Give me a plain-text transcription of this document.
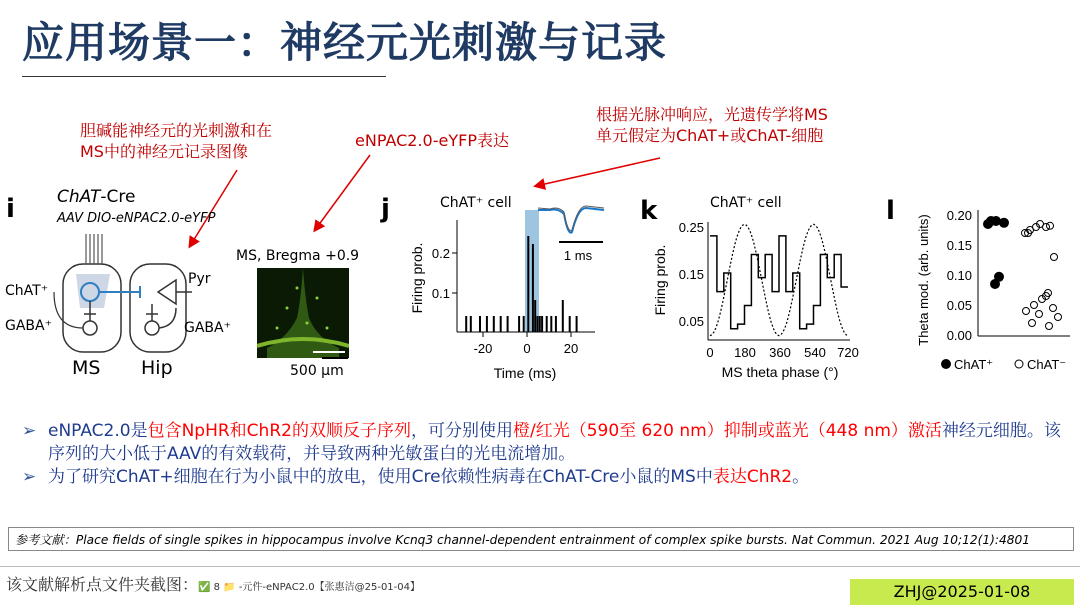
应用场景一：神经元光刺激与记录
胆碱能神经元的光刺激和在
MS中的神经元记录图像
eNPAC2.0-eYFP表达
根据光脉冲响应，光遗传学将MS
单元假定为ChAT+或ChAT-细胞
i ChAT-Cre
AAV DIO-eNPAC2.0-eYFP
ChAT⁺
GABA⁺
Pyr
GABA⁺
MS Hip
MS, Bregma +0.9
500 µm
j	ChAT⁺ cell
0.1
0.2
-20 0	20
Time (ms)
Firing prob.	1 ms
k	ChAT⁺ cell
0.05
0.15
0.25
0 180 360 540 720
MS theta phase (°)
Firing prob.
l
0.00
0.05
0.10
0.15
0.20
Theta mod. (arb. units)
ChAT⁺	ChAT⁻
➢ eNPAC2.0是包含NpHR和ChR2的双顺反子序列，可分别使用橙/红光（590至 620 nm）抑制或蓝光（448 nm）激活神经元细胞。该序列的大小低于AAV的有效载荷，并导致两种光敏蛋白的光电流增加。
➢ 为了研究ChAT+细胞在行为小鼠中的放电，使用Cre依赖性病毒在ChAT-Cre小鼠的MS中表达ChR2。
参考文献：Place fields of single spikes in hippocampus involve Kcnq3 channel-dependent entrainment of complex spike bursts. Nat Commun. 2021 Aug 10;12(1):4801
该文献解析点文件夹截图：✅ 8 📁 -元件-eNPAC2.0【张惠洁@25-01-04】	ZHJ@2025-01-08
